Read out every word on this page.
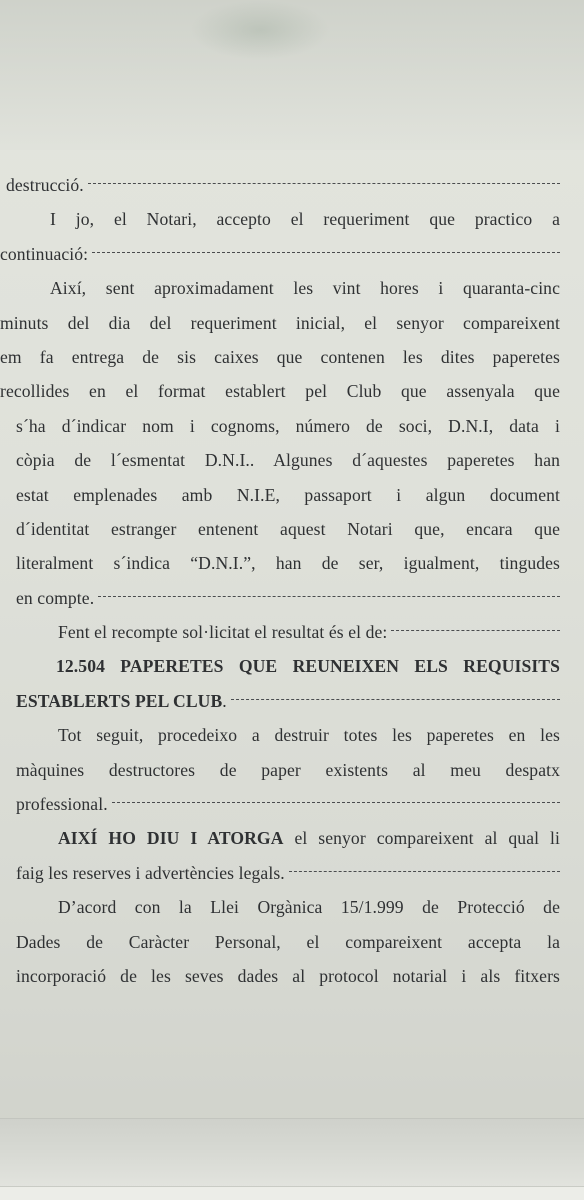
destrucció.
I jo, el Notari, accepto el requeriment que practico a
continuació:
Així, sent aproximadament les vint hores i quaranta-cinc
minuts del dia del requeriment inicial, el senyor compareixent
em fa entrega de sis caixes que contenen les dites paperetes
recollides en el format establert pel Club que assenyala que
s´ha d´indicar nom i cognoms, número de soci, D.N.I, data i
còpia de l´esmentat D.N.I.. Algunes d´aquestes paperetes han
estat emplenades amb N.I.E, passaport i algun document
d´identitat estranger entenent aquest Notari que, encara que
literalment s´indica “D.N.I.”, han de ser, igualment, tingudes
en compte.
Fent el recompte sol·licitat el resultat és el de:
12.504 PAPERETES QUE REUNEIXEN ELS REQUISITS
ESTABLERTS PEL CLUB .
Tot seguit, procedeixo a destruir totes les paperetes en les
màquines destructores de paper existents al meu despatx
professional.
AIXÍ HO DIU I ATORGA el senyor compareixent al qual li
faig les reserves i advertències legals.
D’acord con la Llei Orgànica 15/1.999 de Protecció de
Dades de Caràcter Personal, el compareixent accepta la
incorporació de les seves dades al protocol notarial i als fitxers
